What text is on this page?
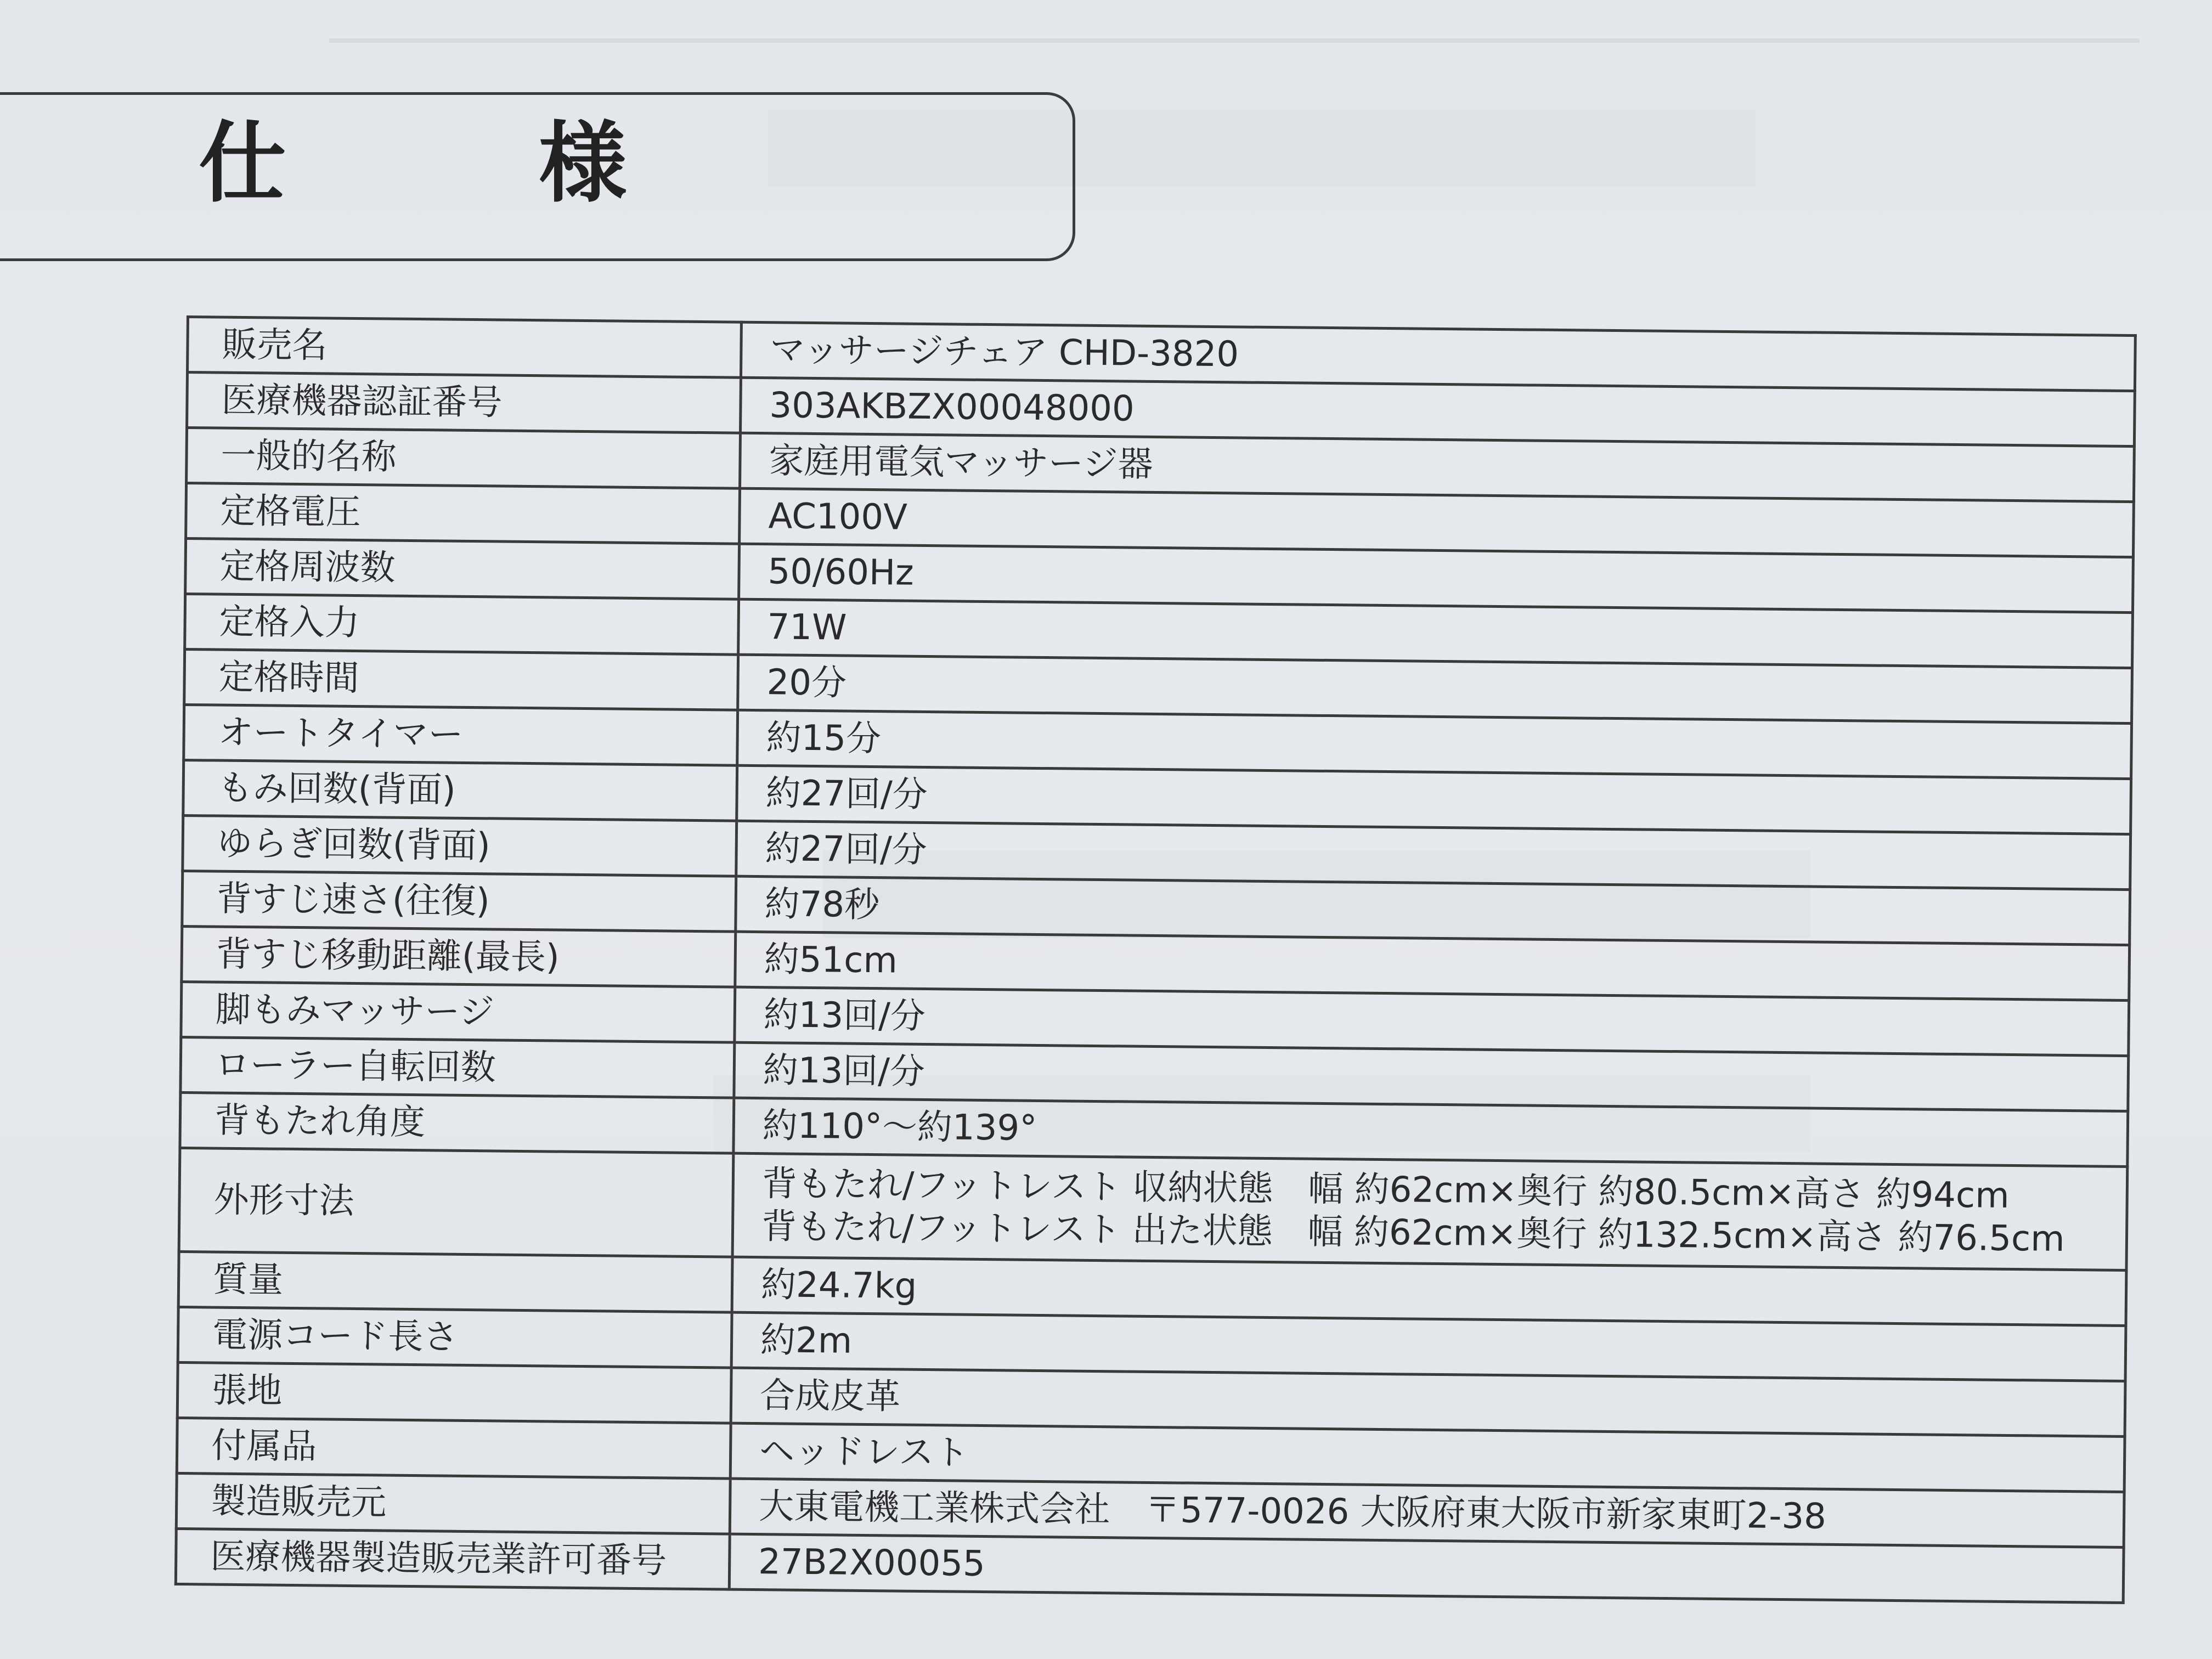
仕　様
販売名	マッサージチェア CHD-3820
医療機器認証番号	303AKBZX00048000
一般的名称	家庭用電気マッサージ器
定格電圧	AC100V
定格周波数	50/60Hz
定格入力	71W
定格時間	20分
オートタイマー	約15分
もみ回数(背面)	約27回/分
ゆらぎ回数(背面)	約27回/分
背すじ速さ(往復)	約78秒
背すじ移動距離(最長)	約51cm
脚もみマッサージ	約13回/分
ローラー自転回数	約13回/分
背もたれ角度	約110°～約139°
外形寸法	背もたれ/フットレスト 収納状態　幅 約62cm×奥行 約80.5cm×高さ 約94cm
背もたれ/フットレスト 出た状態　幅 約62cm×奥行 約132.5cm×高さ 約76.5cm

質量	約24.7kg
電源コード長さ	約2m
張地	合成皮革
付属品	ヘッドレスト
製造販売元	大東電機工業株式会社　〒577-0026 大阪府東大阪市新家東町2-38
医療機器製造販売業許可番号	27B2X00055
